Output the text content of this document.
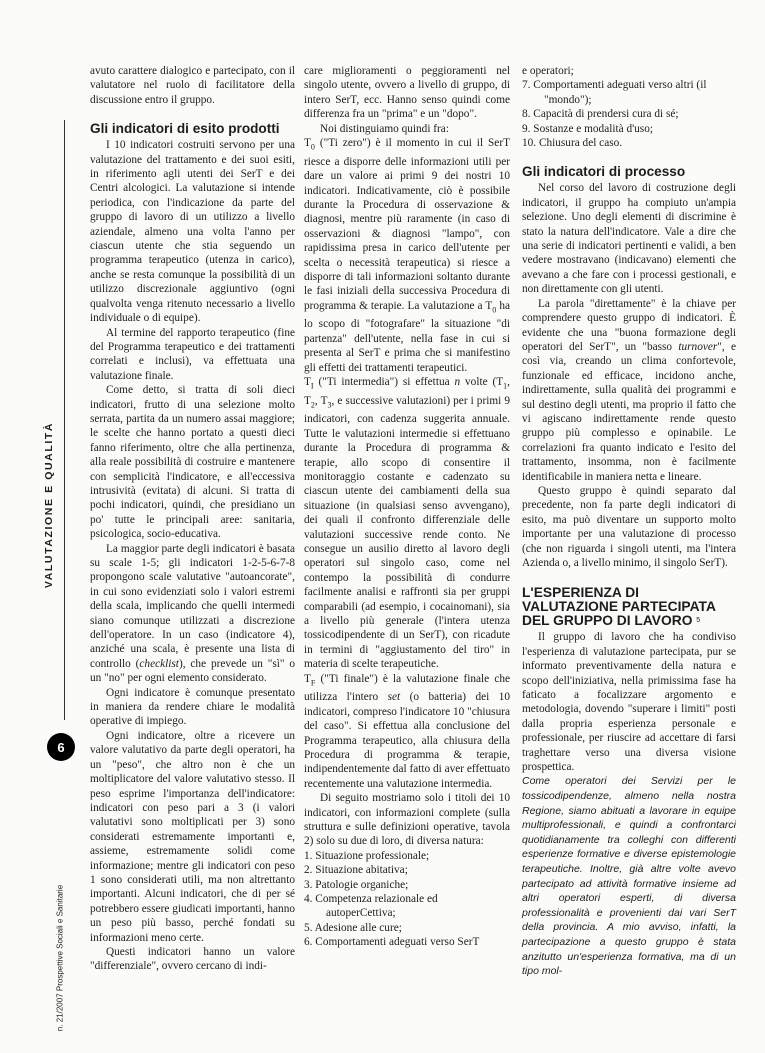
VALUTAZIONE E QUALITÀ
6
n. 21/2007 Prospettive Sociali e Sanitarie

avuto carattere dialogico e partecipato, con il valutatore nel ruolo di facilitatore della discussione entro il gruppo.

Gli indicatori di esito prodotti

I 10 indicatori costruiti servono per una valutazione del trattamento e dei suoi esiti, in riferimento agli utenti dei SerT e dei Centri alcologici. La valutazione si intende periodica, con l'indicazione da parte del gruppo di lavoro di un utilizzo a livello aziendale, almeno una volta l'anno per ciascun utente che stia seguendo un programma terapeutico (utenza in carico), anche se resta comunque la possibilità di un utilizzo discrezionale aggiuntivo (ogni qualvolta venga ritenuto necessario a livello individuale o di equipe).

Al termine del rapporto terapeutico (fine del Programma terapeutico e dei trattamenti correlati e inclusi), va effettuata una valutazione finale.

Come detto, si tratta di soli dieci indicatori, frutto di una selezione molto serrata, partita da un numero assai maggiore; le scelte che hanno portato a questi dieci fanno riferimento, oltre che alla pertinenza, alla reale possibilità di costruire e mantenere con semplicità l'indicatore, e all'eccessiva intrusività (evitata) di alcuni. Si tratta di pochi indicatori, quindi, che presidiano un po' tutte le principali aree: sanitaria, psicologica, socio-educativa.

La maggior parte degli indicatori è basata su scale 1-5; gli indicatori 1-2-5-6-7-8 propongono scale valutative "autoancorate", in cui sono evidenziati solo i valori estremi della scala, implicando che quelli intermedi siano comunque utilizzati a discrezione dell'operatore. In un caso (indicatore 4), anziché una scala, è presente una lista di controllo (checklist), che prevede un "sì" o un "no" per ogni elemento considerato.

Ogni indicatore è comunque presentato in maniera da rendere chiare le modalità operative di impiego.

Ogni indicatore, oltre a ricevere un valore valutativo da parte degli operatori, ha un "peso", che altro non è che un moltiplicatore del valore valutativo stesso. Il peso esprime l'importanza dell'indicatore: indicatori con peso pari a 3 (i valori valutativi sono moltiplicati per 3) sono considerati estremamente importanti e, assieme, estremamente solidi come informazione; mentre gli indicatori con peso 1 sono considerati utili, ma non altrettanto importanti. Alcuni indicatori, che di per sé potrebbero essere giudicati importanti, hanno un peso più basso, perché fondati su informazioni meno certe.

Questi indicatori hanno un valore "differenziale", ovvero cercano di indi-

care miglioramenti o peggioramenti nel singolo utente, ovvero a livello di gruppo, di intero SerT, ecc. Hanno senso quindi come differenza fra un "prima" e un "dopo".

Noi distinguiamo quindi fra:

$T_0$ ("Ti zero") è il momento in cui il SerT riesce a disporre delle informazioni utili per dare un valore ai primi 9 dei nostri 10 indicatori. Indicativamente, ciò è possibile durante la Procedura di osservazione & diagnosi, mentre più raramente (in caso di osservazioni & diagnosi "lampo", con rapidissima presa in carico dell'utente per scelta o necessità terapeutica) si riesce a disporre di tali informazioni soltanto durante le fasi iniziali della successiva Procedura di programma & terapie. La valutazione a $T_0$ ha lo scopo di "fotografare" la situazione "di partenza" dell'utente, nella fase in cui si presenta al SerT e prima che si manifestino gli effetti dei trattamenti terapeutici.

$T_I$ ("Ti intermedia") si effettua n volte ($T_1$, $T_2$, $T_3$, e successive valutazioni) per i primi 9 indicatori, con cadenza suggerita annuale. Tutte le valutazioni intermedie si effettuano durante la Procedura di programma & terapie, allo scopo di consentire il monitoraggio costante e cadenzato su ciascun utente dei cambiamenti della sua situazione (in qualsiasi senso avvengano), dei quali il confronto differenziale delle valutazioni successive rende conto. Ne consegue un ausilio diretto al lavoro degli operatori sul singolo caso, come nel contempo la possibilità di condurre facilmente analisi e raffronti sia per gruppi comparabili (ad esempio, i cocainomani), sia a livello più generale (l'intera utenza tossicodipendente di un SerT), con ricadute in termini di "aggiustamento del tiro" in materia di scelte terapeutiche.

$T_F$ ("Ti finale") è la valutazione finale che utilizza l'intero set (o batteria) dei 10 indicatori, compreso l'indicatore 10 "chiusura del caso". Si effettua alla conclusione del Programma terapeutico, alla chiusura della Procedura di programma & terapie, indipendentemente dal fatto di aver effettuato recentemente una valutazione intermedia.

Di seguito mostriamo solo i titoli dei 10 indicatori, con informazioni complete (sulla struttura e sulle definizioni operative, tavola 2) solo su due di loro, di diversa natura:

1. Situazione professionale;
2. Situazione abitativa;
3. Patologie organiche;
4. Competenza relazionale ed autoperCettiva;
5. Adesione alle cure;
6. Comportamenti adeguati verso SerT

e operatori;

7. Comportamenti adeguati verso altri (il "mondo");
8. Capacità di prendersi cura di sé;
9. Sostanze e modalità d'uso;
10. Chiusura del caso.
Gli indicatori di processo

Nel corso del lavoro di costruzione degli indicatori, il gruppo ha compiuto un'ampia selezione. Uno degli elementi di discrimine è stato la natura dell'indicatore. Vale a dire che una serie di indicatori pertinenti e validi, a ben vedere mostravano (indicavano) elementi che avevano a che fare con i processi gestionali, e non direttamente con gli utenti.

La parola "direttamente" è la chiave per comprendere questo gruppo di indicatori. È evidente che una "buona formazione degli operatori del SerT", un "basso turnover", e così via, creando un clima confortevole, funzionale ed efficace, incidono anche, indirettamente, sulla qualità dei programmi e sul destino degli utenti, ma proprio il fatto che vi agiscano indirettamente rende questo gruppo più complesso e opinabile. Le correlazioni fra quanto indicato e l'esito del trattamento, insomma, non è facilmente identificabile in maniera netta e lineare.

Questo gruppo è quindi separato dal precedente, non fa parte degli indicatori di esito, ma può diventare un supporto molto importante per una valutazione di processo (che non riguarda i singoli utenti, ma l'intera Azienda o, a livello minimo, il singolo SerT).

L'ESPERIENZA DI VALUTAZIONE PARTECIPATA DEL GRUPPO DI LAVORO $^5$

Il gruppo di lavoro che ha condiviso l'esperienza di valutazione partecipata, pur se informato preventivamente della natura e scopo dell'iniziativa, nella primissima fase ha faticato a focalizzare argomento e metodologia, dovendo "superare i limiti" posti dalla propria esperienza personale e professionale, per riuscire ad accettare di farsi traghettare verso una diversa visione prospettica.

Come operatori dei Servizi per le tossicodipendenze, almeno nella nostra Regione, siamo abituati a lavorare in equipe multiprofessionali, e quindi a confrontarci quotidianamente tra colleghi con differenti esperienze formative e diverse epistemologie terapeutiche. Inoltre, già altre volte avevo partecipato ad attività formative insieme ad altri operatori esperti, di diversa professionalità e provenienti dai vari SerT della provincia. A mio avviso, infatti, la partecipazione a questo gruppo è stata anzitutto un'esperienza formativa, ma di un tipo mol-
